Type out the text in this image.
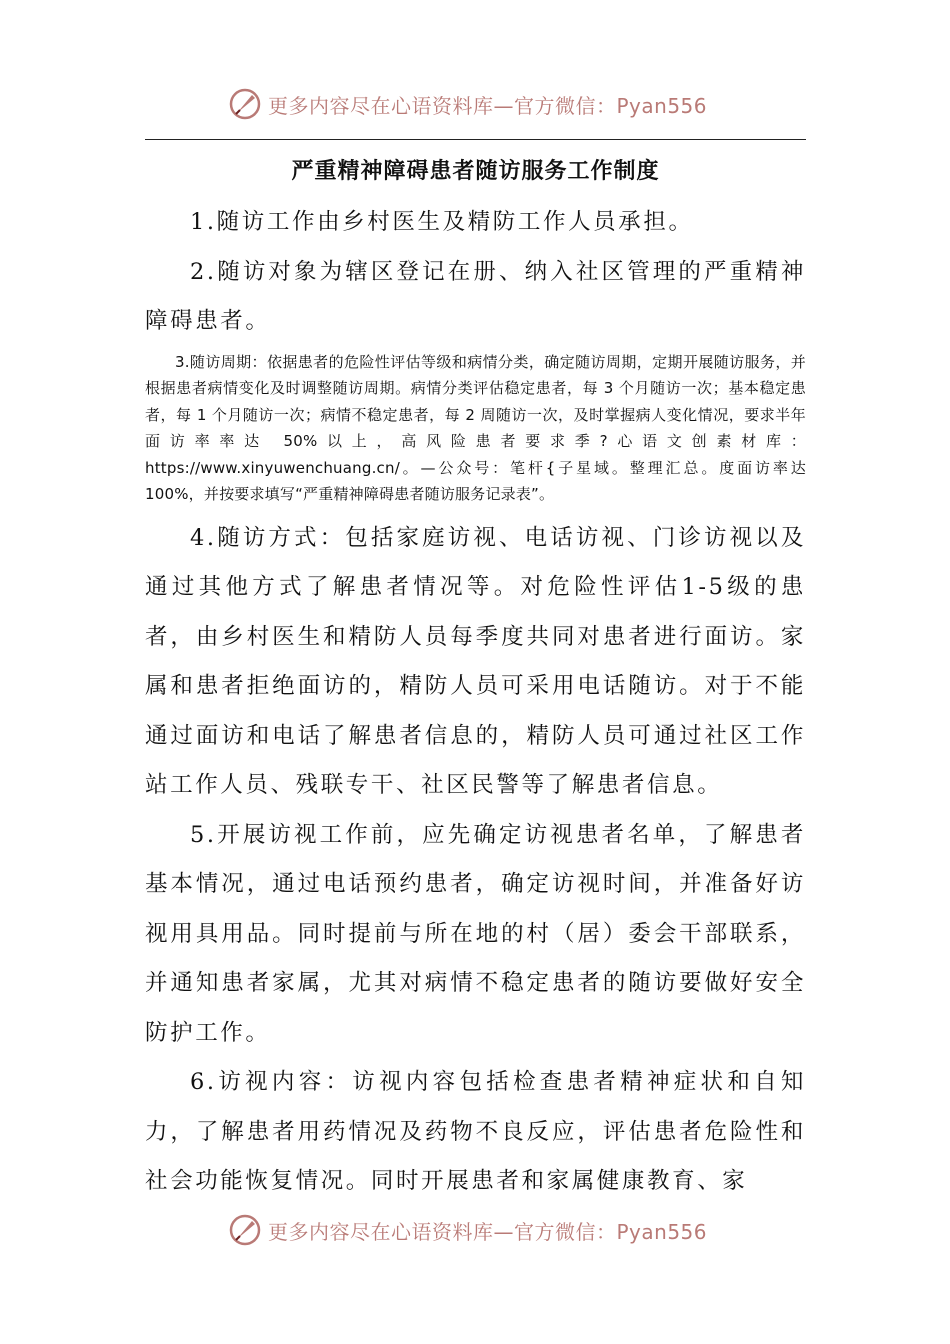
更多内容尽在心语资料库—官方微信：Pyan556
严重精神障碍患者随访服务工作制度

1.随访工作由乡村医生及精防工作人员承担。

2.随访对象为辖区登记在册、纳入社区管理的严重精神障碍患者。

3.随访周期：依据患者的危险性评估等级和病情分类，确定随访周期，定期开展随访服务，并根据患者病情变化及时调整随访周期。病情分类评估稳定患者，每 3 个月随访一次；基本稳定患者，每 1 个月随访一次；病情不稳定患者，每 2 周随访一次，及时掌握病人变化情况，要求半年面访率率达 50%以上，高风险患者要求季?心语文创素材库：https://www.xinyuwenchuang.cn/。—公众号：笔杆{子星域。整理汇总。度面访率达 100%，并按要求填写“严重精神障碍患者随访服务记录表”。

4.随访方式：包括家庭访视、电话访视、门诊访视以及通过其他方式了解患者情况等。对危险性评估1-5级的患者，由乡村医生和精防人员每季度共同对患者进行面访。家属和患者拒绝面访的，精防人员可采用电话随访。对于不能通过面访和电话了解患者信息的，精防人员可通过社区工作站工作人员、残联专干、社区民警等了解患者信息。

5.开展访视工作前，应先确定访视患者名单，了解患者基本情况，通过电话预约患者，确定访视时间，并准备好访视用具用品。同时提前与所在地的村（居）委会干部联系，并通知患者家属，尤其对病情不稳定患者的随访要做好安全防护工作。

6.访视内容：访视内容包括检查患者精神症状和自知力，了解患者用药情况及药物不良反应，评估患者危险性和社会功能恢复情况。同时开展患者和家属健康教育、家

更多内容尽在心语资料库—官方微信：Pyan556
